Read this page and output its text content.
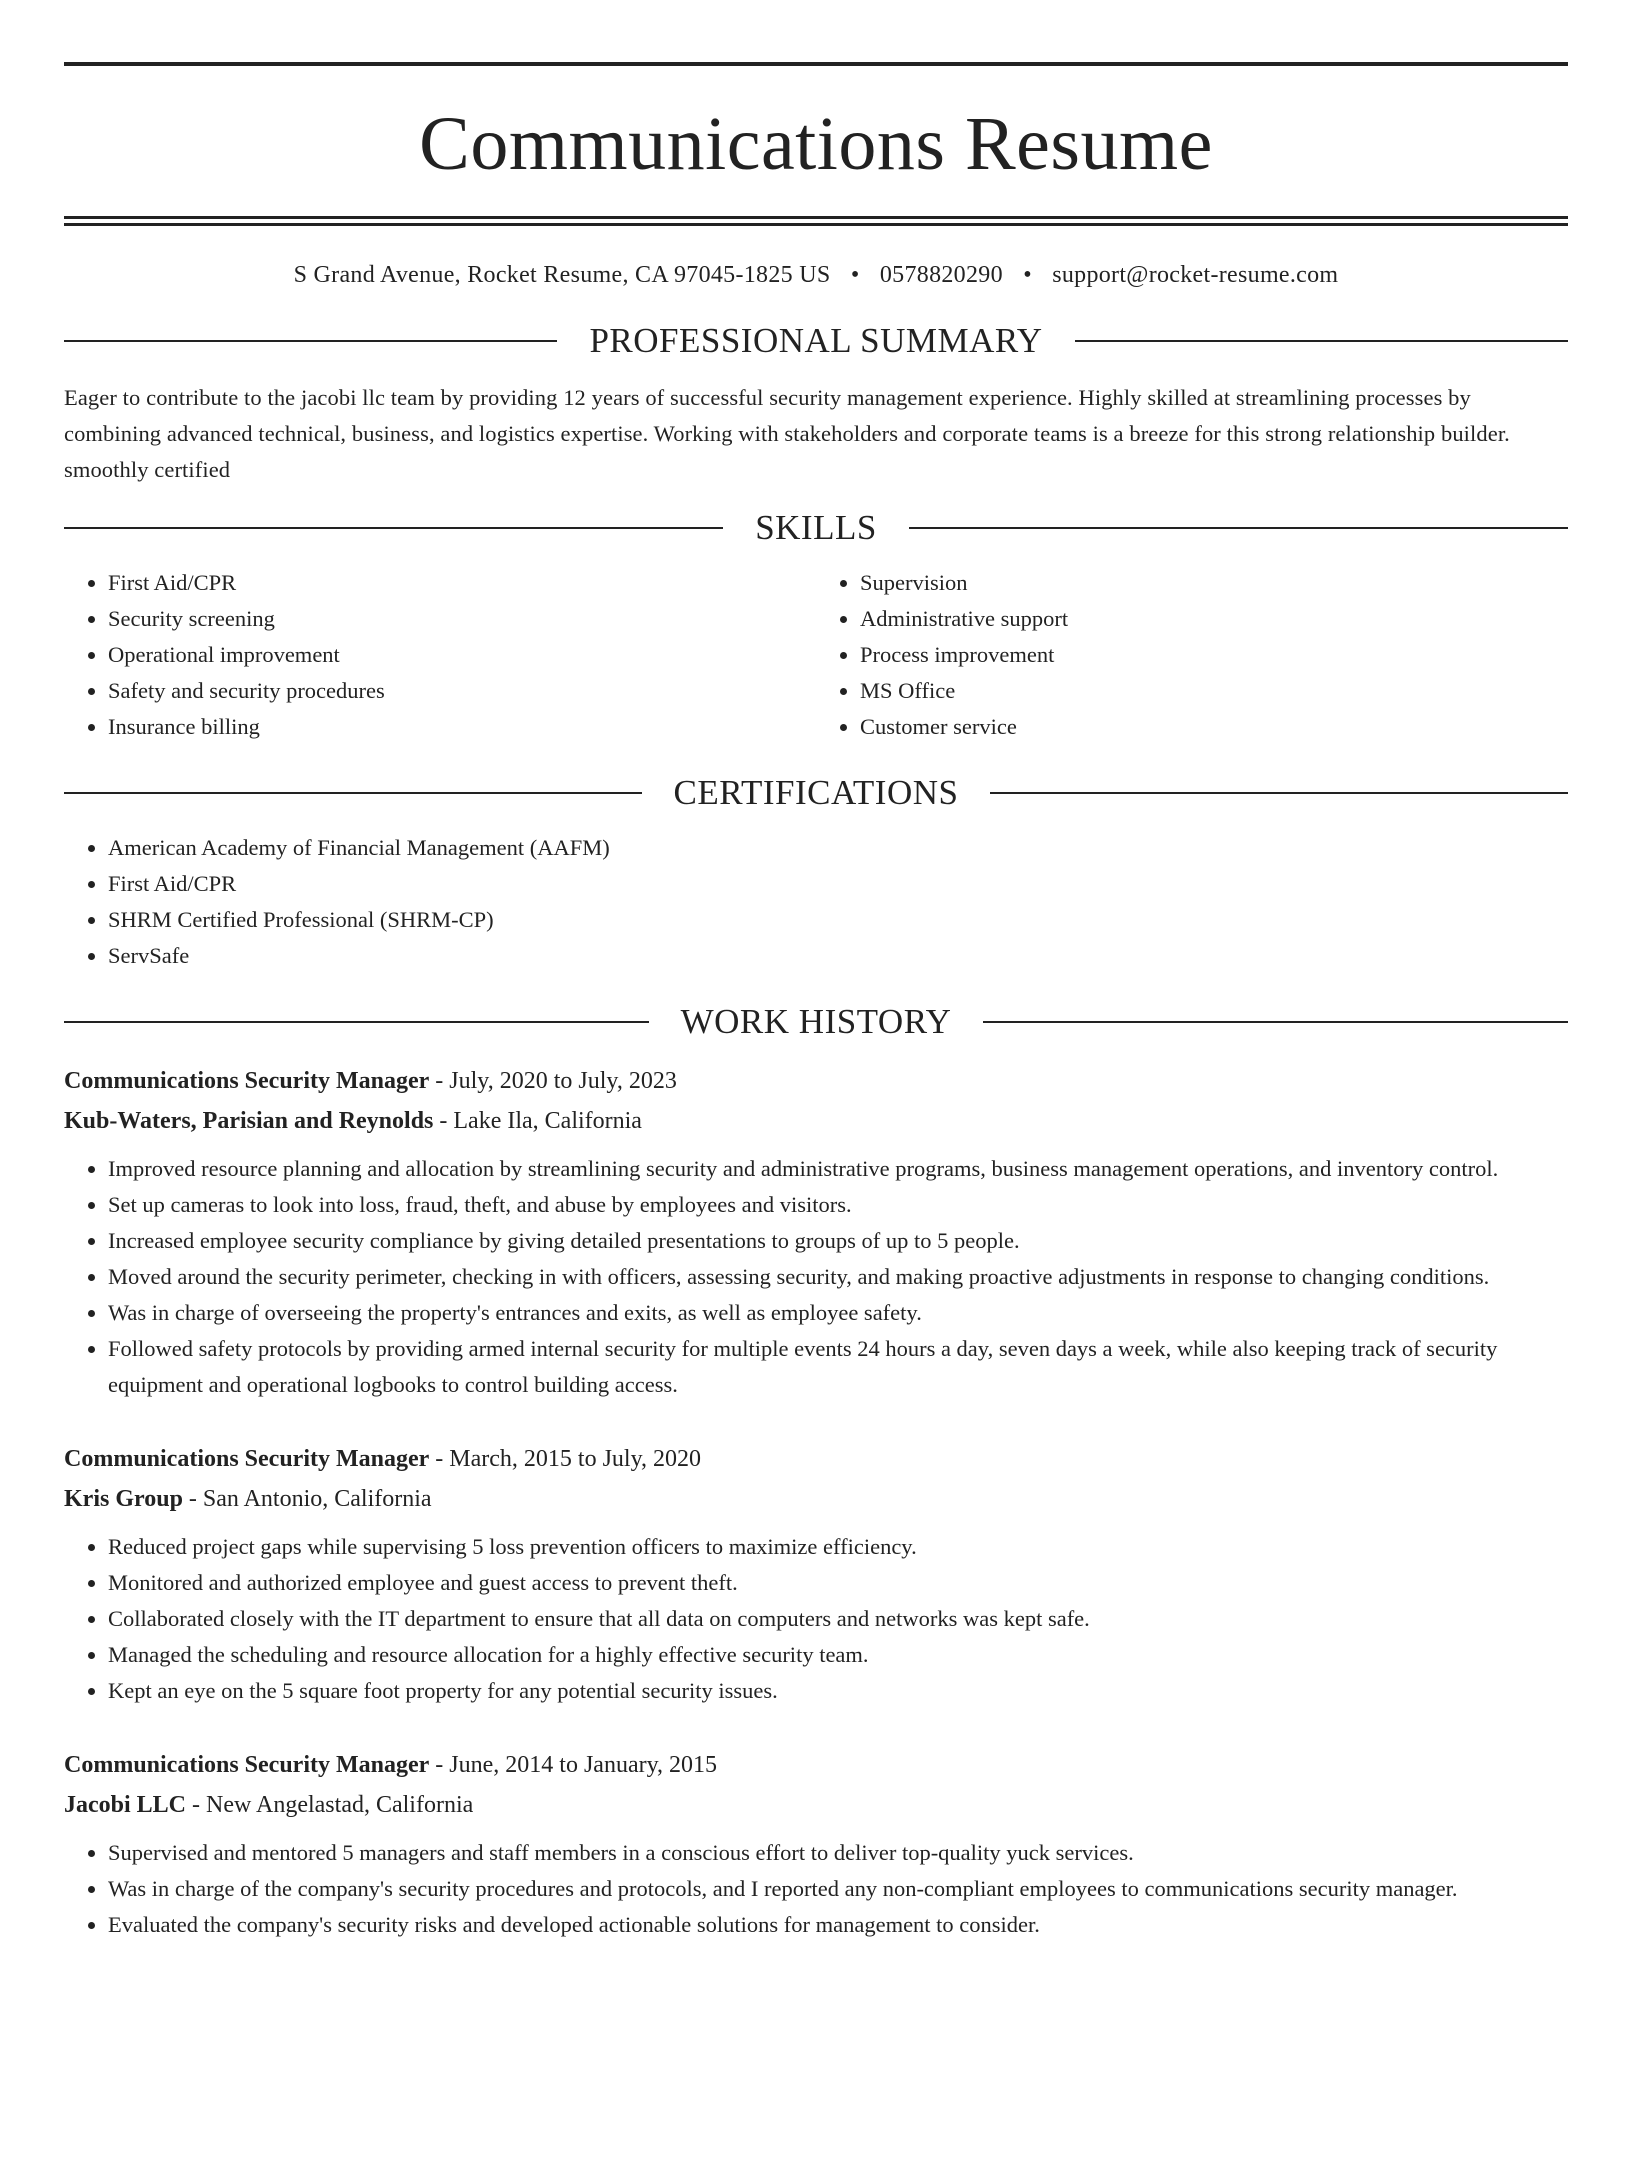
Communications Resume
S Grand Avenue, Rocket Resume, CA 97045-1825 US • 0578820290 • support@rocket-resume.com
PROFESSIONAL SUMMARY
Eager to contribute to the jacobi llc team by providing 12 years of successful security management experience. Highly skilled at streamlining processes by combining advanced technical, business, and logistics expertise. Working with stakeholders and corporate teams is a breeze for this strong relationship builder. smoothly certified
SKILLS
• First Aid/CPR
• Security screening
• Operational improvement
• Safety and security procedures
• Insurance billing
• Supervision
• Administrative support
• Process improvement
• MS Office
• Customer service
CERTIFICATIONS
• American Academy of Financial Management (AAFM)
• First Aid/CPR
• SHRM Certified Professional (SHRM-CP)
• ServSafe
WORK HISTORY
Communications Security Manager - July, 2020 to July, 2023
Kub-Waters, Parisian and Reynolds - Lake Ila, California
• Improved resource planning and allocation by streamlining security and administrative programs, business management operations, and inventory control.
• Set up cameras to look into loss, fraud, theft, and abuse by employees and visitors.
• Increased employee security compliance by giving detailed presentations to groups of up to 5 people.
• Moved around the security perimeter, checking in with officers, assessing security, and making proactive adjustments in response to changing conditions.
• Was in charge of overseeing the property's entrances and exits, as well as employee safety.
• Followed safety protocols by providing armed internal security for multiple events 24 hours a day, seven days a week, while also keeping track of security equipment and operational logbooks to control building access.
Communications Security Manager - March, 2015 to July, 2020
Kris Group - San Antonio, California
• Reduced project gaps while supervising 5 loss prevention officers to maximize efficiency.
• Monitored and authorized employee and guest access to prevent theft.
• Collaborated closely with the IT department to ensure that all data on computers and networks was kept safe.
• Managed the scheduling and resource allocation for a highly effective security team.
• Kept an eye on the 5 square foot property for any potential security issues.
Communications Security Manager - June, 2014 to January, 2015
Jacobi LLC - New Angelastad, California
• Supervised and mentored 5 managers and staff members in a conscious effort to deliver top-quality yuck services.
• Was in charge of the company's security procedures and protocols, and I reported any non-compliant employees to communications security manager.
• Evaluated the company's security risks and developed actionable solutions for management to consider.
